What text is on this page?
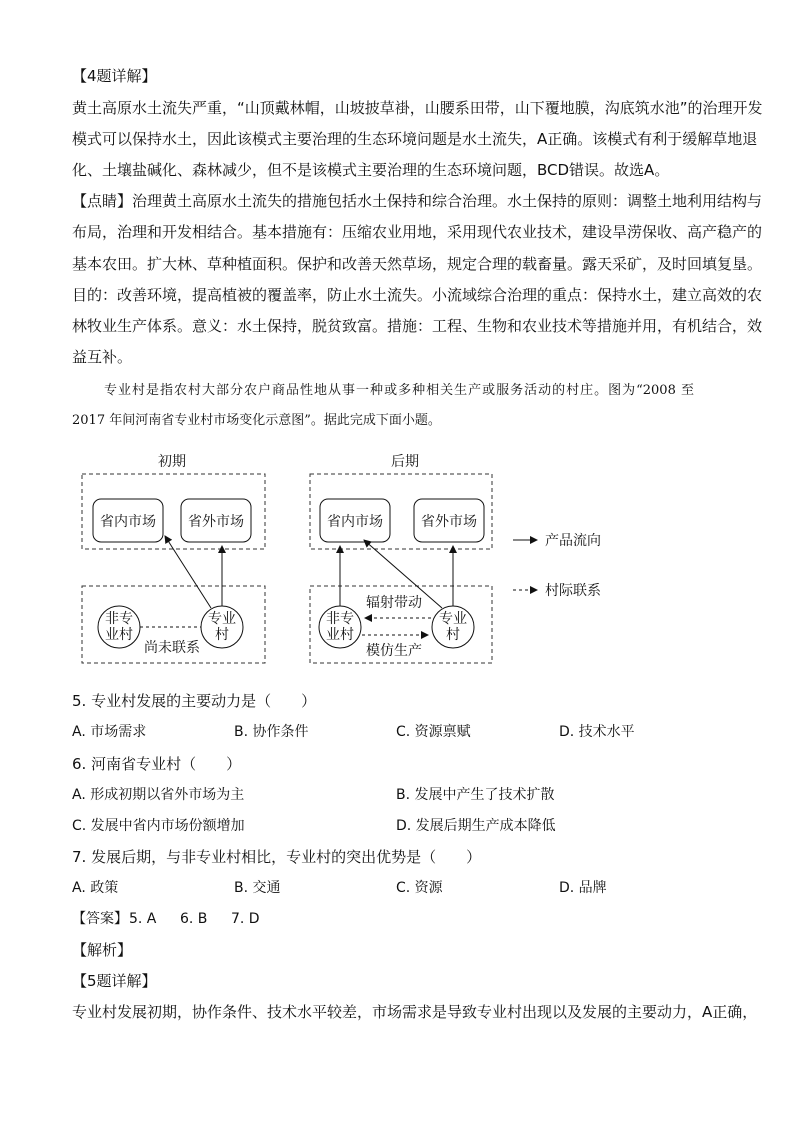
【4题详解】
黄土高原水土流失严重，“山顶戴林帽，山坡披草褂，山腰系田带，山下覆地膜，沟底筑水池”的治理开发
模式可以保持水土，因此该模式主要治理的生态环境问题是水土流失，A正确。该模式有利于缓解草地退
化、土壤盐碱化、森林减少，但不是该模式主要治理的生态环境问题，BCD错误。故选A。
【点睛】治理黄土高原水土流失的措施包括水土保持和综合治理。水土保持的原则：调整土地利用结构与
布局，治理和开发相结合。基本措施有：压缩农业用地，采用现代农业技术，建设旱涝保收、高产稳产的
基本农田。扩大林、草种植面积。保护和改善天然草场，规定合理的载畜量。露天采矿，及时回填复垦。
目的：改善环境，提高植被的覆盖率，防止水土流失。小流域综合治理的重点：保持水土，建立高效的农
林牧业生产体系。意义：水土保持，脱贫致富。措施：工程、生物和农业技术等措施并用，有机结合，效
益互补。
专业村是指农村大部分农户商品性地从事一种或多种相关生产或服务活动的村庄。图为“2008 至
2017 年间河南省专业村市场变化示意图”。据此完成下面小题。
初期
省内市场 省外市场
非专
业村
专业
村
尚未联系
后期
省内市场	省外市场
非专
业村
专业
村
辐射带动
模仿生产
产品流向
村际联系
5. 专业村发展的主要动力是（　　）
A. 市场需求	B. 协作条件	C. 资源禀赋	D. 技术水平
6. 河南省专业村（　　）
A. 形成初期以省外市场为主	B. 发展中产生了技术扩散
C. 发展中省内市场份额增加	D. 发展后期生产成本降低
7. 发展后期，与非专业村相比，专业村的突出优势是（　　）
A. 政策	B. 交通	C. 资源	D. 品牌
【答案】 5. A 6. B 7. D
【解析】
【5题详解】
专业村发展初期，协作条件、技术水平较差，市场需求是导致专业村出现以及发展的主要动力，A正确，
